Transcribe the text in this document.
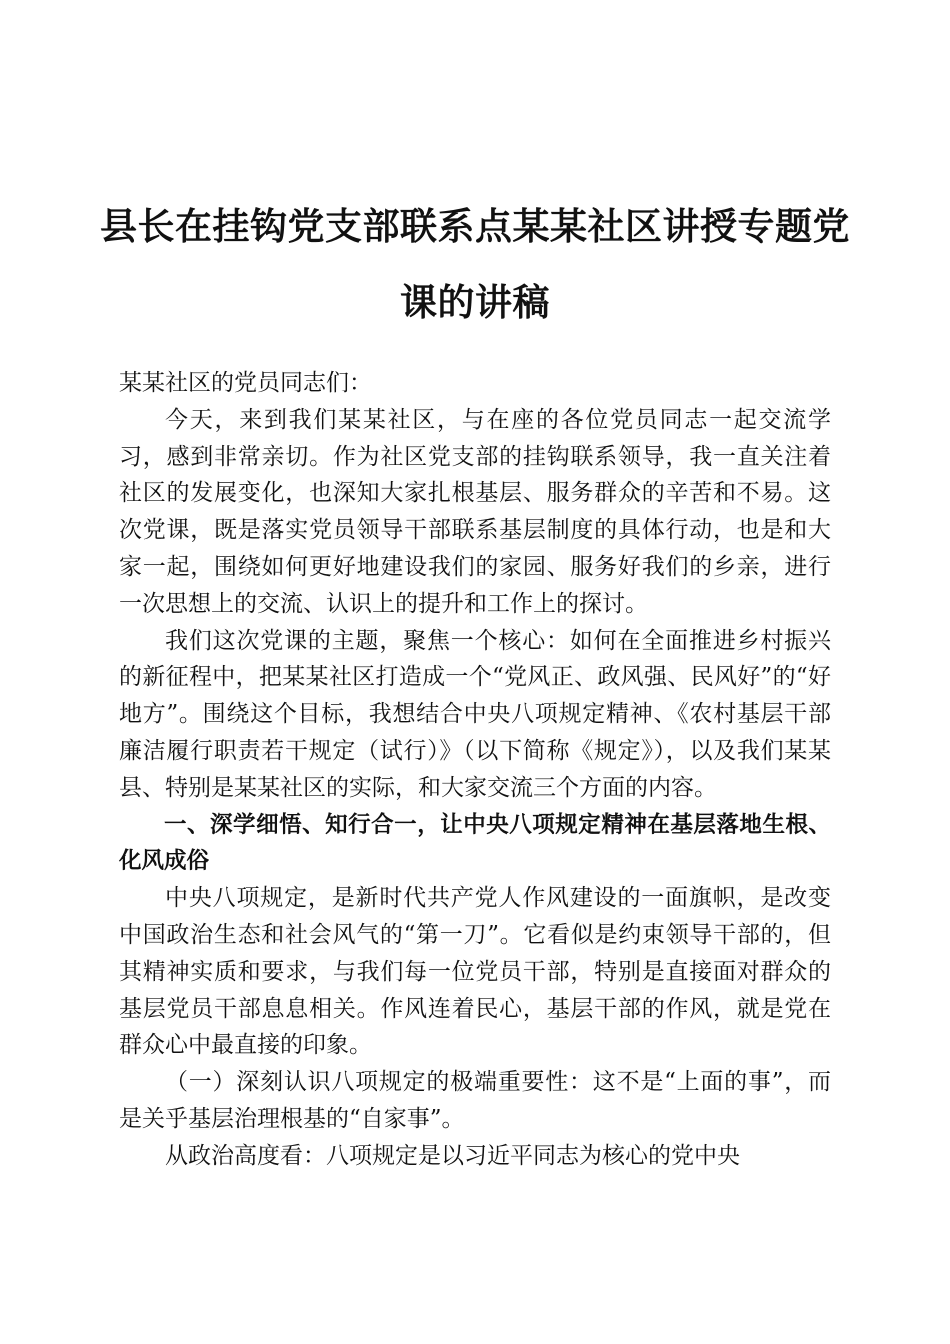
县长在挂钩党支部联系点某某社区讲授专题党
课的讲稿

某某社区的党员同志们：

今天，来到我们某某社区，与在座的各位党员同志一起交流学习，感到非常亲切。作为社区党支部的挂钩联系领导，我一直关注着社区的发展变化，也深知大家扎根基层、服务群众的辛苦和不易。这次党课，既是落实党员领导干部联系基层制度的具体行动，也是和大家一起，围绕如何更好地建设我们的家园、服务好我们的乡亲，进行一次思想上的交流、认识上的提升和工作上的探讨。

我们这次党课的主题，聚焦一个核心：如何在全面推进乡村振兴的新征程中，把某某社区打造成一个“党风正、政风强、民风好”的“好地方”。围绕这个目标，我想结合中央八项规定精神、《农村基层干部廉洁履行职责若干规定（试行）》（以下简称《规定》），以及我们某某县、特别是某某社区的实际，和大家交流三个方面的内容。

一、深学细悟、知行合一，让中央八项规定精神在基层落地生根、化风成俗

中央八项规定，是新时代共产党人作风建设的一面旗帜，是改变中国政治生态和社会风气的“第一刀”。它看似是约束领导干部的，但其精神实质和要求，与我们每一位党员干部，特别是直接面对群众的基层党员干部息息相关。作风连着民心，基层干部的作风，就是党在群众心中最直接的印象。

（一）深刻认识八项规定的极端重要性：这不是“上面的事”，而是关乎基层治理根基的“自家事”。

从政治高度看：八项规定是以习近平同志为核心的党中央
